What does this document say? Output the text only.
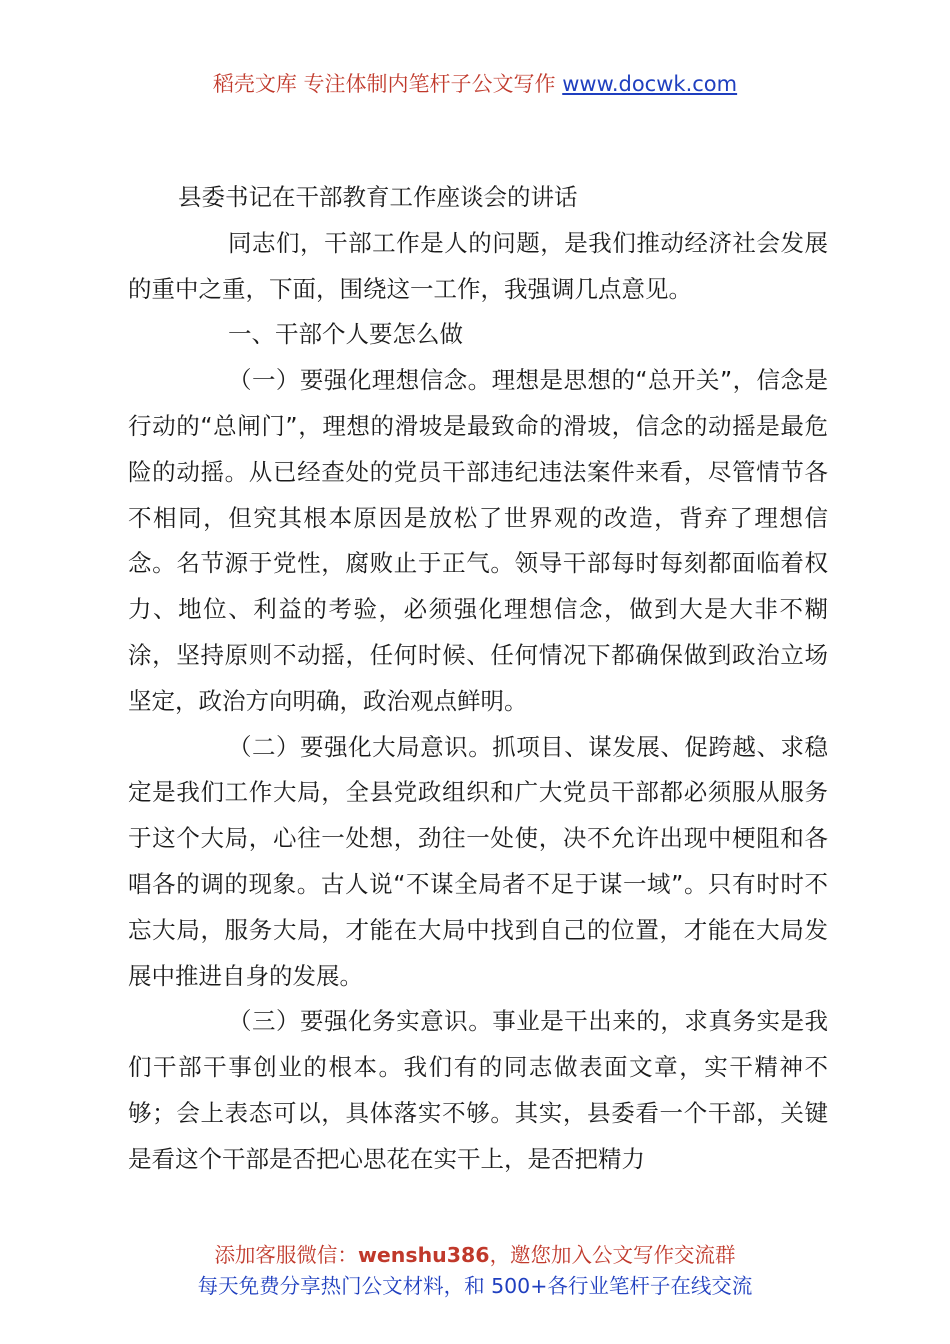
稻壳文库 专注体制内笔杆子公文写作 www.docwk.com

县委书记在干部教育工作座谈会的讲话

同志们，干部工作是人的问题，是我们推动经济社会发展的重中之重，下面，围绕这一工作，我强调几点意见。

一、干部个人要怎么做

（一）要强化理想信念。理想是思想的“总开关”，信念是行动的“总闸门”，理想的滑坡是最致命的滑坡，信念的动摇是最危险的动摇。从已经查处的党员干部违纪违法案件来看，尽管情节各不相同，但究其根本原因是放松了世界观的改造，背弃了理想信念。名节源于党性，腐败止于正气。领导干部每时每刻都面临着权力、地位、利益的考验，必须强化理想信念，做到大是大非不糊涂，坚持原则不动摇，任何时候、任何情况下都确保做到政治立场坚定，政治方向明确，政治观点鲜明。

（二）要强化大局意识。抓项目、谋发展、促跨越、求稳定是我们工作大局，全县党政组织和广大党员干部都必须服从服务于这个大局，心往一处想，劲往一处使，决不允许出现中梗阻和各唱各的调的现象。古人说“不谋全局者不足于谋一域”。只有时时不忘大局，服务大局，才能在大局中找到自己的位置，才能在大局发展中推进自身的发展。

（三）要强化务实意识。事业是干出来的，求真务实是我们干部干事创业的根本。我们有的同志做表面文章，实干精神不够；会上表态可以，具体落实不够。其实，县委看一个干部，关键是看这个干部是否把心思花在实干上，是否把精力

添加客服微信：wenshu386，邀您加入公文写作交流群
每天免费分享热门公文材料，和 500+各行业笔杆子在线交流
